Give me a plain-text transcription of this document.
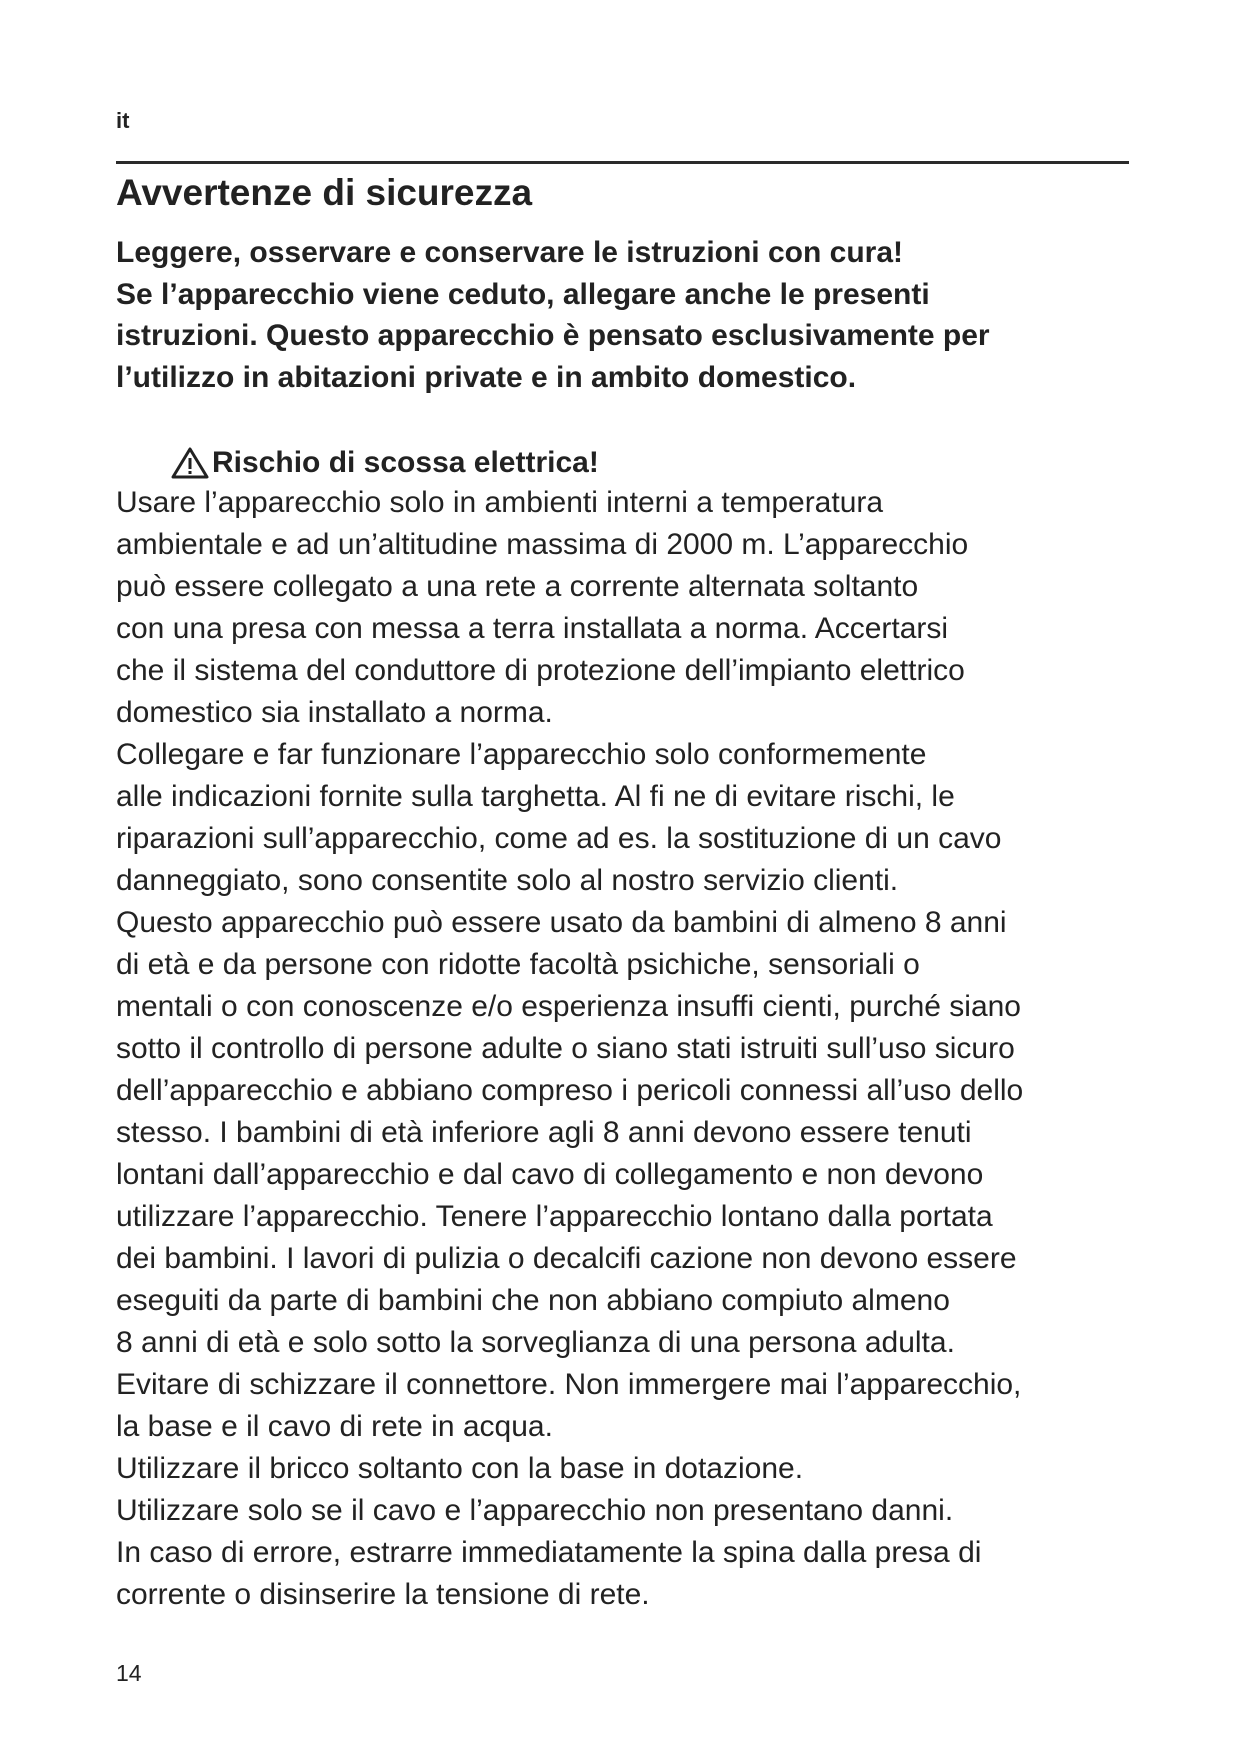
it
Avvertenze di sicurezza

Leggere, osservare e conservare le istruzioni con cura!

Se l’apparecchio viene ceduto, allegare anche le presenti

istruzioni. Questo apparecchio è pensato esclusivamente per

l’utilizzo in abitazioni private e in ambito domestico.

Rischio di scossa elettrica!

Usare l’apparecchio solo in ambienti interni a temperatura

ambientale e ad un’altitudine massima di 2000 m. L’apparecchio

può essere collegato a una rete a corrente alternata soltanto

con una presa con messa a terra installata a norma. Accertarsi

che il sistema del conduttore di protezione dell’impianto elettrico

domestico sia installato a norma.

Collegare e far funzionare l’apparecchio solo conformemente

alle indicazioni fornite sulla targhetta. Al fi ne di evitare rischi, le

riparazioni sull’apparecchio, come ad es. la sostituzione di un cavo

danneggiato, sono consentite solo al nostro servizio clienti.

Questo apparecchio può essere usato da bambini di almeno 8 anni

di età e da persone con ridotte facoltà psichiche, sensoriali o

mentali o con conoscenze e/o esperienza insuffi cienti, purché siano

sotto il controllo di persone adulte o siano stati istruiti sull’uso sicuro

dell’apparecchio e abbiano compreso i pericoli connessi all’uso dello

stesso. I bambini di età inferiore agli 8 anni devono essere tenuti

lontani dall’apparecchio e dal cavo di collegamento e non devono

utilizzare l’apparecchio. Tenere l’apparecchio lontano dalla portata

dei bambini. I lavori di pulizia o decalcifi cazione non devono essere

eseguiti da parte di bambini che non abbiano compiuto almeno

8 anni di età e solo sotto la sorveglianza di una persona adulta.

Evitare di schizzare il connettore. Non immergere mai l’apparecchio,

la base e il cavo di rete in acqua.

Utilizzare il bricco soltanto con la base in dotazione.

Utilizzare solo se il cavo e l’apparecchio non presentano danni.

In caso di errore, estrarre immediatamente la spina dalla presa di

corrente o disinserire la tensione di rete.

14
